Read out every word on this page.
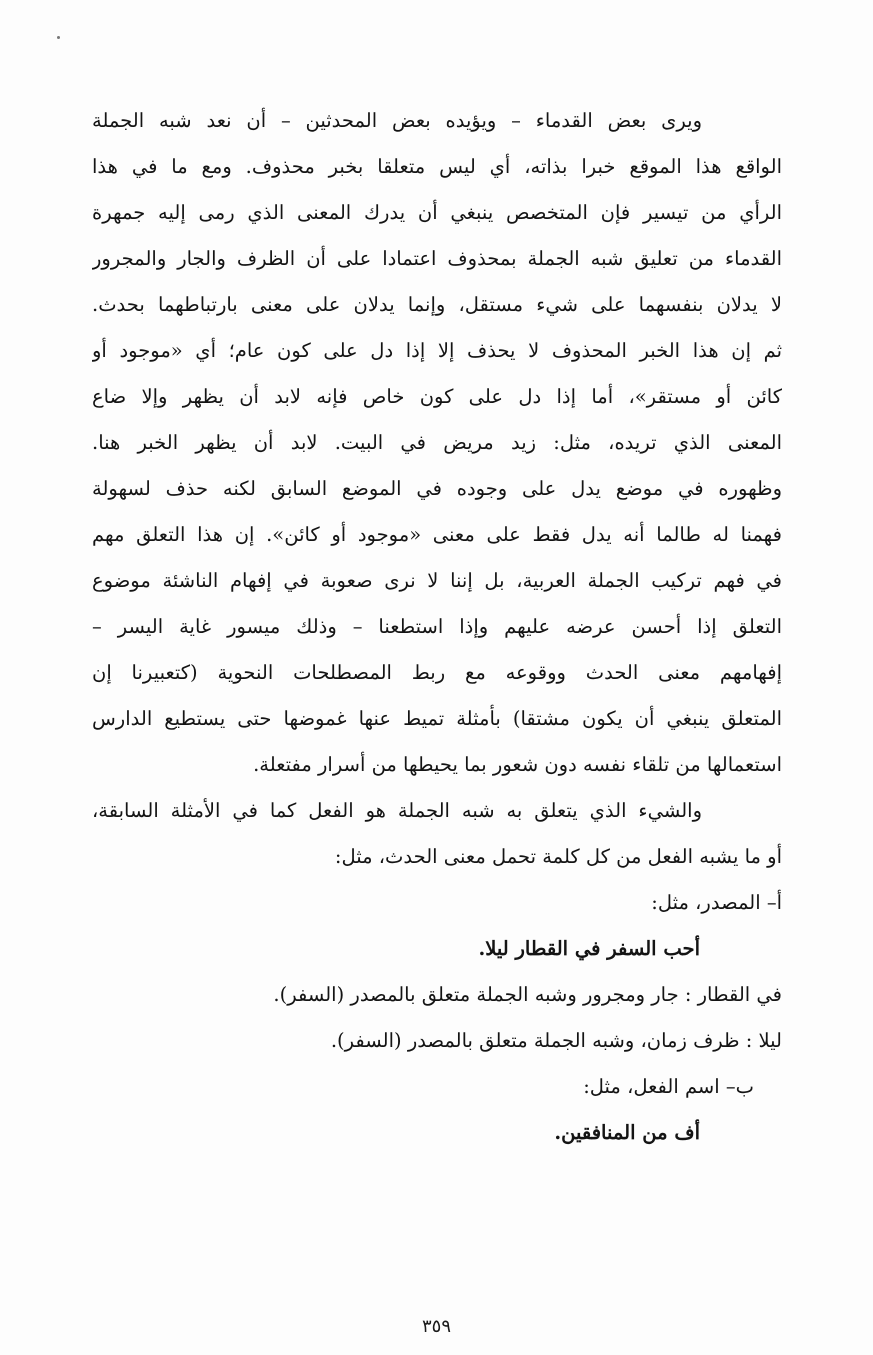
ويرى بعض القدماء – ويؤيده بعض المحدثين – أن نعد شبه الجملة
الواقع هذا الموقع خبرا بذاته، أي ليس متعلقا بخبر محذوف. ومع ما في هذا
الرأي من تيسير فإن المتخصص ينبغي أن يدرك المعنى الذي رمى إليه جمهرة
القدماء من تعليق شبه الجملة بمحذوف اعتمادا على أن الظرف والجار والمجرور
لا يدلان بنفسهما على شيء مستقل، وإنما يدلان على معنى بارتباطهما بحدث.
ثم إن هذا الخبر المحذوف لا يحذف إلا إذا دل على كون عام؛ أي «موجود أو
كائن أو مستقر»، أما إذا دل على كون خاص فإنه لابد أن يظهر وإلا ضاع
المعنى الذي تريده، مثل: زيد مريض في البيت. لابد أن يظهر الخبر هنا.
وظهوره في موضع يدل على وجوده في الموضع السابق لكنه حذف لسهولة
فهمنا له طالما أنه يدل فقط على معنى «موجود أو كائن». إن هذا التعلق مهم
في فهم تركيب الجملة العربية، بل إننا لا نرى صعوبة في إفهام الناشئة موضوع
التعلق إذا أحسن عرضه عليهم وإذا استطعنا – وذلك ميسور غاية اليسر –
إفهامهم معنى الحدث ووقوعه مع ربط المصطلحات النحوية (كتعبيرنا إن
المتعلق ينبغي أن يكون مشتقا) بأمثلة تميط عنها غموضها حتى يستطيع الدارس
استعمالها من تلقاء نفسه دون شعور بما يحيطها من أسرار مفتعلة.
والشيء الذي يتعلق به شبه الجملة هو الفعل كما في الأمثلة السابقة،
أو ما يشبه الفعل من كل كلمة تحمل معنى الحدث، مثل:
أ– المصدر، مثل:
أحب السفر في القطار ليلا.
في القطار : جار ومجرور وشبه الجملة متعلق بالمصدر (السفر).
ليلا : ظرف زمان، وشبه الجملة متعلق بالمصدر (السفر).
ب– اسم الفعل، مثل:
أف من المنافقين.
٣٥٩
